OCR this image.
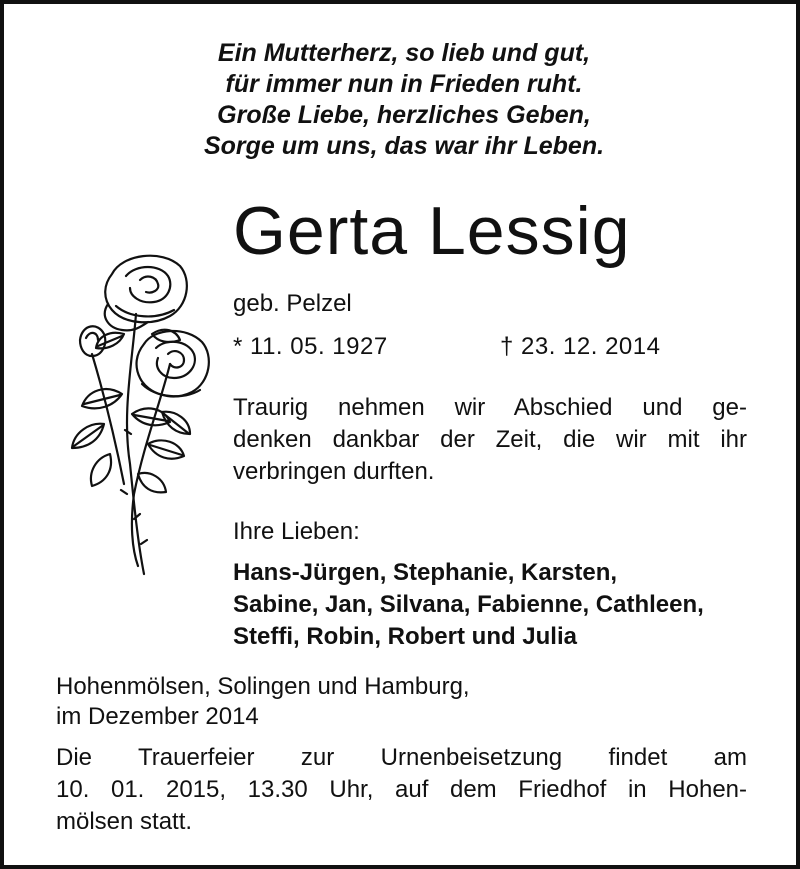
Ein Mutterherz, so lieb und gut,
für immer nun in Frieden ruht.
Große Liebe, herzliches Geben,
Sorge um uns, das war ihr Leben.
Gerta Lessig
geb. Pelzel
* 11. 05. 1927	† 23. 12. 2014
Traurig nehmen wir Abschied und ge-
denken dankbar der Zeit, die wir mit ihr
verbringen durften.
Ihre Lieben:
Hans-Jürgen, Stephanie, Karsten,
Sabine, Jan, Silvana, Fabienne, Cathleen,
Steffi, Robin, Robert und Julia
Hohenmölsen, Solingen und Hamburg,
im Dezember 2014
Die Trauerfeier zur Urnenbeisetzung findet am
10. 01. 2015, 13.30 Uhr, auf dem Friedhof in Hohen-
mölsen statt.
